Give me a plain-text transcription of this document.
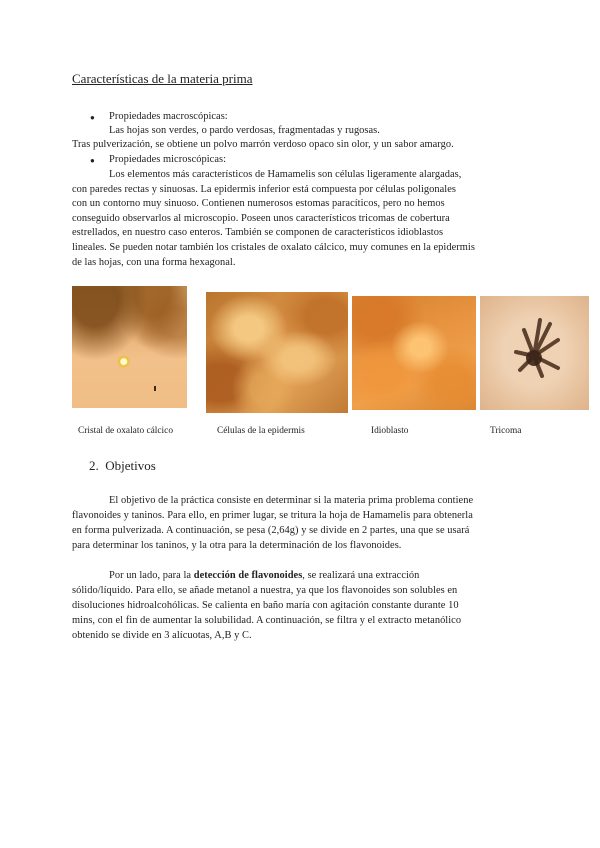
Características de la materia prima
● Propiedades macroscópicas:
Las hojas son verdes, o pardo verdosas, fragmentadas y rugosas.
Tras pulverización, se obtiene un polvo marrón verdoso opaco sin olor, y un sabor amargo.
● Propiedades microscópicas:
Los elementos más característicos de Hamamelis son células ligeramente alargadas,
con paredes rectas y sinuosas. La epidermis inferior está compuesta por células poligonales
con un contorno muy sinuoso. Contienen numerosos estomas paracíticos, pero no hemos
conseguido observarlos al microscopio. Poseen unos característicos tricomas de cobertura
estrellados, en nuestro caso enteros. También se componen de característicos idioblastos
lineales. Se pueden notar también los cristales de oxalato cálcico, muy comunes en la epidermis
de las hojas, con una forma hexagonal.
Cristal de oxalato cálcico	Células de la epidermis	Idioblasto	Tricoma
2. Objetivos
El objetivo de la práctica consiste en determinar si la materia prima problema contiene
flavonoides y taninos. Para ello, en primer lugar, se tritura la hoja de Hamamelis para obtenerla
en forma pulverizada. A continuación, se pesa (2,64g) y se divide en 2 partes, una que se usará
para determinar los taninos, y la otra para la determinación de los flavonoides.
Por un lado, para la detección de flavonoides, se realizará una extracción
sólido/líquido. Para ello, se añade metanol a nuestra, ya que los flavonoides son solubles en
disoluciones hidroalcohólicas. Se calienta en baño maría con agitación constante durante 10
mins, con el fin de aumentar la solubilidad. A continuación, se filtra y el extracto metanólico
obtenido se divide en 3 alícuotas, A,B y C.
